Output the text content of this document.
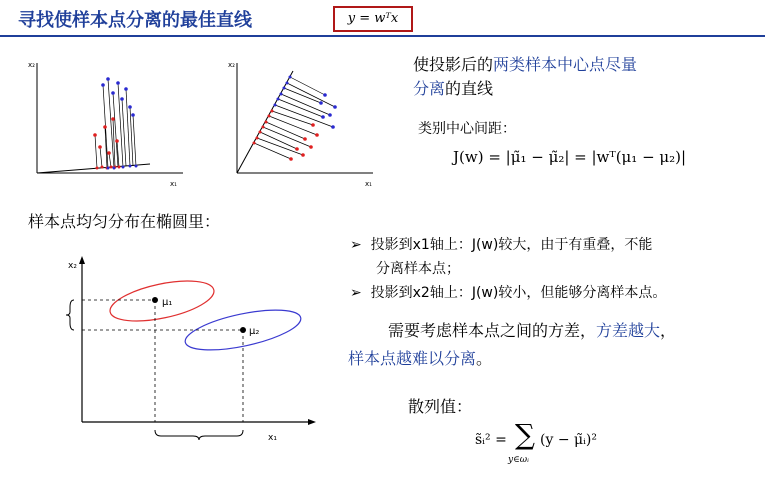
寻找使样本点分离的最佳直线	y = wᵀx
x₂
x₁
x₂
x₁
使投影后的两类样本中心点尽量
分离的直线
类别中心间距：
J(w) = |μ̃₁ − μ̃₂| = |wᵀ(μ₁ − μ₂)|
样本点均匀分布在椭圆里：
x₂
x₁
μ₁
μ₂
➢ 投影到x1轴上：J(w)较大，由于有重叠，不能
分离样本点；
➢ 投影到x2轴上：J(w)较小，但能够分离样本点。
需要考虑样本点之间的方差，方差越大，
样本点越难以分离。
散列值：
s̃ᵢ² = ∑
y∈ωᵢ
(y − μ̃ᵢ)²
